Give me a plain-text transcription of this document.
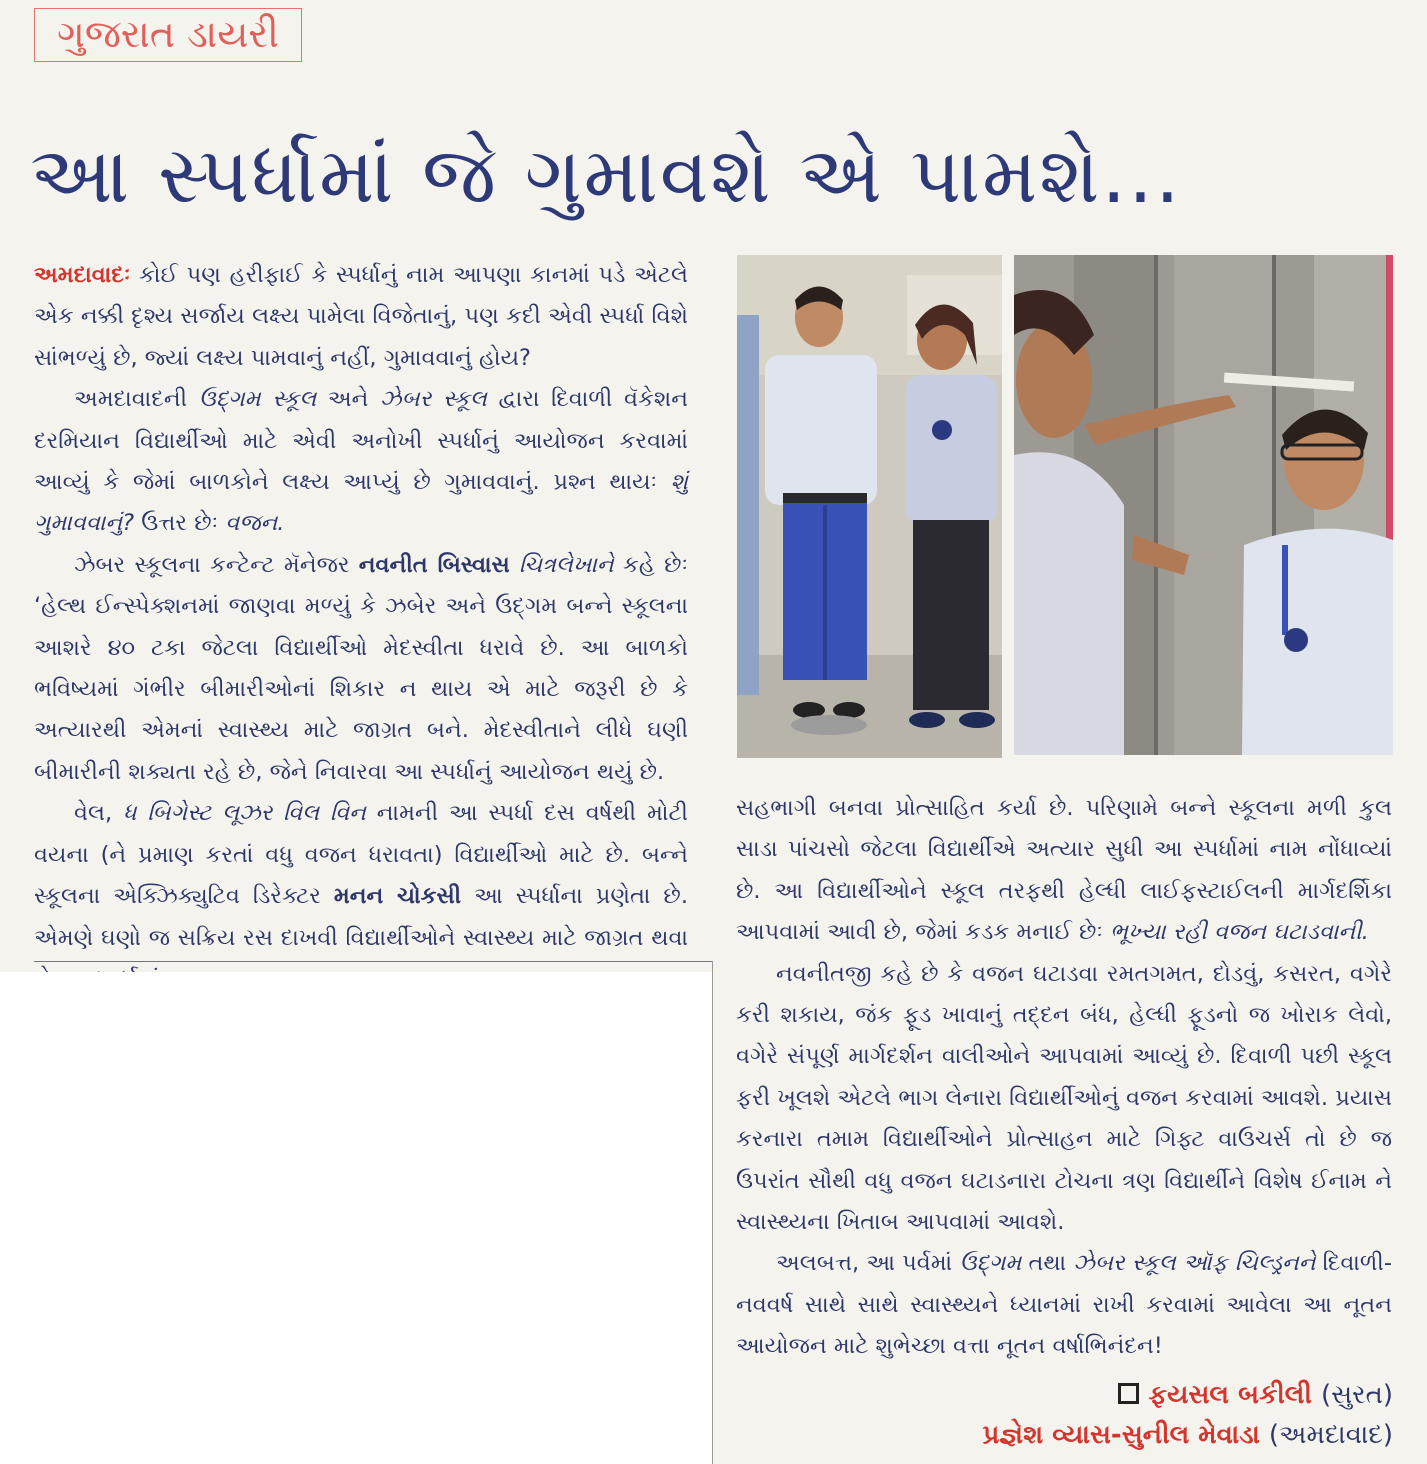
ગુજરાત ડાયરી
આ સ્પર્ધામાં જે ગુમાવશે એ પામશે...

અમદાવાદઃ કોઈ પણ હરીફાઈ કે સ્પર્ધાનું નામ આપણા કાનમાં પડે એટલે એક નક્કી દૃશ્ય સર્જાય લક્ષ્ય પામેલા વિજેતાનું, પણ કદી એવી સ્પર્ધા વિશે સાંભળ્યું છે, જ્યાં લક્ષ્ય પામવાનું નહીં, ગુમાવવાનું હોય?

અમદાવાદની ઉદ્‌ગમ સ્કૂલ અને ઝેબર સ્કૂલ દ્વારા દિવાળી વૅકેશન દરમિયાન વિદ્યાર્થીઓ માટે એવી અનોખી સ્પર્ધાનું આયોજન કરવામાં આવ્યું કે જેમાં બાળકોને લક્ષ્ય આપ્યું છે ગુમાવવાનું. પ્રશ્ન થાયઃ શું ગુમાવવાનું? ઉત્તર છેઃ વજન.

ઝેબર સ્કૂલના કન્ટેન્ટ મૅનેજર નવનીત બિસ્વાસ ચિત્રલેખાને કહે છેઃ ‘હેલ્થ ઈન્સ્પેક્શનમાં જાણવા મળ્યું કે ઝબેર અને ઉદ્‌ગમ બન્ને સ્કૂલના આશરે ૪૦ ટકા જેટલા વિદ્યાર્થીઓ મેદસ્વીતા ધરાવે છે. આ બાળકો ભવિષ્યમાં ગંભીર બીમારીઓનાં શિકાર ન થાય એ માટે જરૂરી છે કે અત્યારથી એમનાં સ્વાસ્થ્ય માટે જાગ્રત બને. મેદસ્વીતાને લીધે ઘણી બીમારીની શક્યતા રહે છે, જેને નિવારવા આ સ્પર્ધાનું આયોજન થયું છે.

વેલ, ધ બિગેસ્ટ લૂઝર વિલ વિન નામની આ સ્પર્ધા દસ વર્ષથી મોટી વયના (ને પ્રમાણ કરતાં વધુ વજન ધરાવતા) વિદ્યાર્થીઓ માટે છે. બન્ને સ્કૂલના એક્ઝિક્યુટિવ ડિરેક્ટર મનન ચોકસી આ સ્પર્ધાના પ્રણેતા છે. એમણે ઘણો જ સક્રિય રસ દાખવી વિદ્યાર્થીઓને સ્વાસ્થ્ય માટે જાગ્રત થવા

સહભાગી બનવા પ્રોત્સાહિત કર્યા છે. પરિણામે બન્ને સ્કૂલના મળી કુલ સાડા પાંચસો જેટલા વિદ્યાર્થીએ અત્યાર સુધી આ સ્પર્ધામાં નામ નોંધાવ્યાં છે. આ વિદ્યાર્થીઓને સ્કૂલ તરફથી હેલ્ધી લાઈફસ્ટાઈલની માર્ગદર્શિકા આપવામાં આવી છે, જેમાં કડક મનાઈ છેઃ ભૂખ્યા રહી વજન ઘટાડવાની.

નવનીતજી કહે છે કે વજન ઘટાડવા રમતગમત, દોડવું, કસરત, વગેરે કરી શકાય, જંક ફૂડ ખાવાનું તદ્દન બંધ, હેલ્ધી ફૂડનો જ ખોરાક લેવો, વગેરે સંપૂર્ણ માર્ગદર્શન વાલીઓને આપવામાં આવ્યું છે. દિવાળી પછી સ્કૂલ ફરી ખૂલશે એટલે ભાગ લેનારા વિદ્યાર્થીઓનું વજન કરવામાં આવશે. પ્રયાસ કરનારા તમામ વિદ્યાર્થીઓને પ્રોત્સાહન માટે ગિફ્ટ વાઉચર્સ તો છે જ ઉપરાંત સૌથી વધુ વજન ઘટાડનારા ટોચના ત્રણ વિદ્યાર્થીને વિશેષ ઈનામ ને સ્વાસ્થ્યના ખિતાબ આપવામાં આવશે.

અલબત્ત, આ પર્વમાં ઉદ્‌ગમ તથા ઝેબર સ્કૂલ ઑફ ચિલ્ડ્રનને દિવાળી-નવવર્ષ સાથે સાથે સ્વાસ્થ્યને ધ્યાનમાં રાખી કરવામાં આવેલા આ નૂતન આયોજન માટે શુભેચ્છા વત્તા નૂતન વર્ષાભિનંદન!

ફયસલ બકીલી (સુરત)
પ્રજ્ઞેશ વ્યાસ-સુનીલ મેવાડા (અમદાવાદ)
